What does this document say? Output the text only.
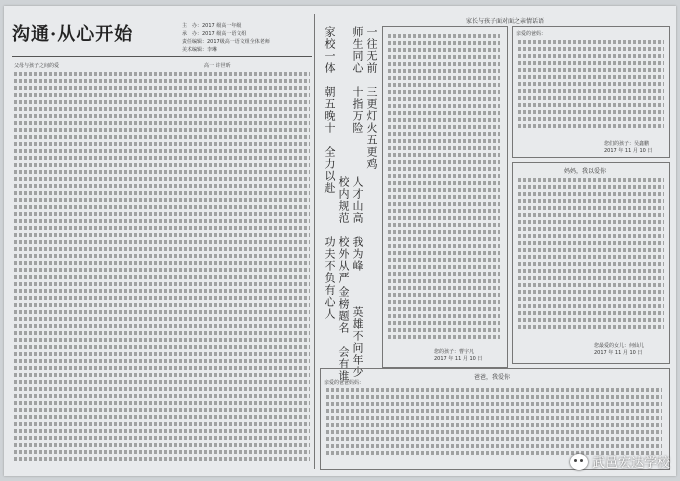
沟通·从心开始	主　办：2017 级高一年级
承　办：2017 级高一语文组
责任编辑：2017级高一语文组全体老师
美术编辑：李琳
父母与孩子之间的爱	高一 许世昕	家校一体　朝五晚十　全力以赴
校内规范　校外从严
金榜题名　会有谁
功夫不负有心人
师生同心　十指万险 一往无前　三更灯火五更鸡
人才山高　我为峰
英雄不问年少	您的孩子：曹宇凡
2017 年 11 月 10 日
家长与孩子面对面之亲情话语
亲爱的爸妈：
您们的孩子：吴鑫鹏
2017 年 11 月 10 日
妈妈，我以爱你
您最爱的女儿：何仙儿
2017 年 11 月 10 日
爸爸，我爱你
亲爱的爸爸妈妈：
武邑宏达学校
